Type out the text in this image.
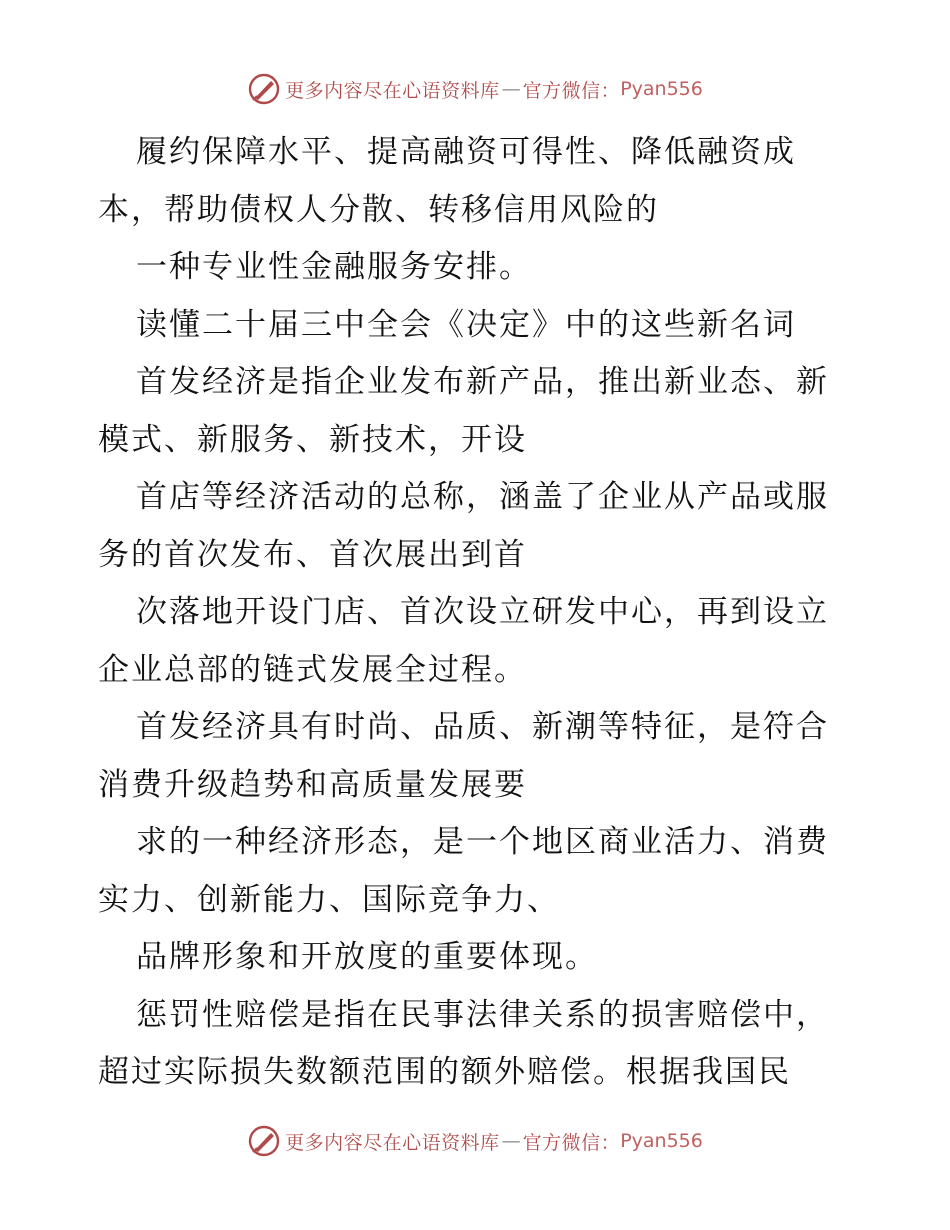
更多内容尽在心语资料库 — 官方微信： Pyan556
履约保障水平、提高融资可得性、降低融资成
本，帮助债权人分散、转移信用风险的
一种专业性金融服务安排。
读懂二十届三中全会《决定》中的这些新名词
首发经济是指企业发布新产品，推出新业态、新
模式、新服务、新技术，开设
首店等经济活动的总称，涵盖了企业从产品或服
务的首次发布、首次展出到首
次落地开设门店、首次设立研发中心，再到设立
企业总部的链式发展全过程。
首发经济具有时尚、品质、新潮等特征，是符合
消费升级趋势和高质量发展要
求的一种经济形态，是一个地区商业活力、消费
实力、创新能力、国际竞争力、
品牌形象和开放度的重要体现。
惩罚性赔偿是指在民事法律关系的损害赔偿中，
超过实际损失数额范围的额外赔偿。根据我国民
更多内容尽在心语资料库 — 官方微信： Pyan556
